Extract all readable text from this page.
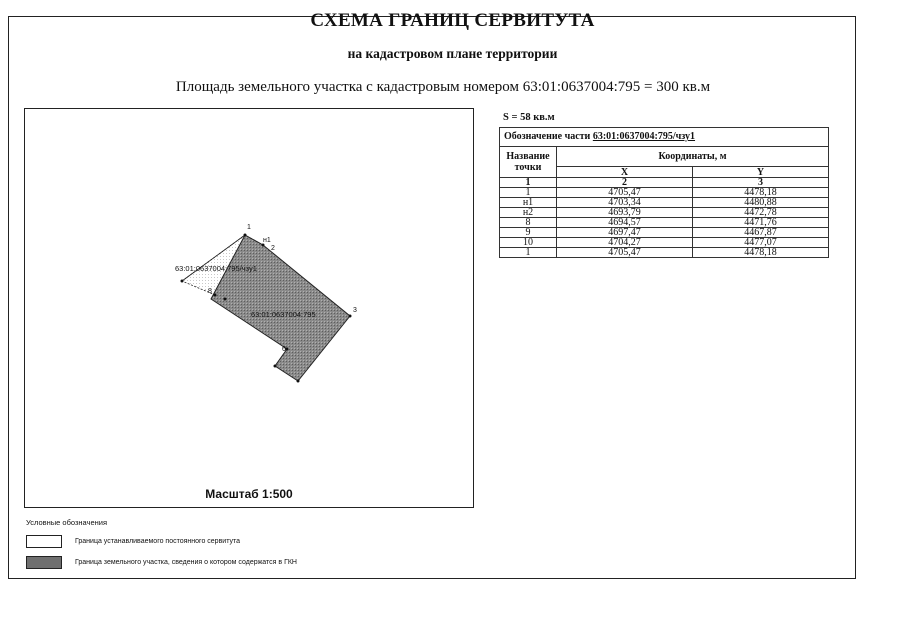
СХЕМА ГРАНИЦ СЕРВИТУТА
на кадастровом плане территории
Площадь земельного участка с кадастровым номером 63:01:0637004:795 = 300 кв.м
1
н1
2
3
6
8
63:01:0637004:795/чзу1
63:01:0637004:795
Масштаб 1:500
S = 58 кв.м
Обозначение части 63:01:0637004:795/чзу1		
Название точки	Координаты, м	
	X	Y
1	2	3
1	4705,47	4478,18
н1	4703,34	4480,88
н2	4693,79	4472,78
8	4694,57	4471,76
9	4697,47	4467,87
10	4704,27	4477,07
1	4705,47	4478,18
Условные обозначения
Граница устанавливаемого постоянного сервитута
Граница земельного участка, сведения о котором содержатся в ГКН
